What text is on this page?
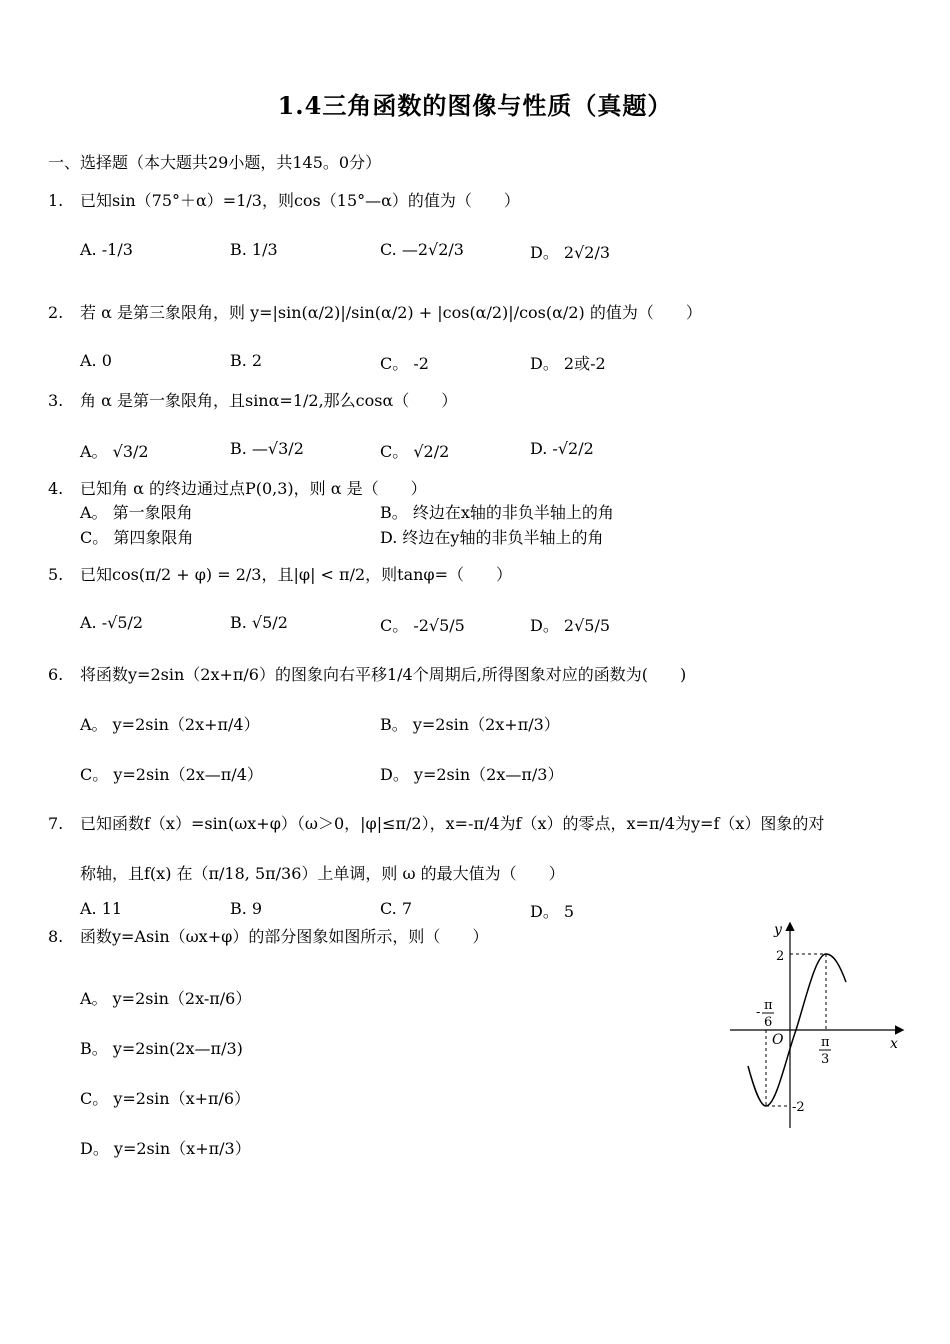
1.4三角函数的图像与性质（真题）
一、选择题（本大题共29小题，共145。0分）
1. 已知sin（75°＋α）=1/3，则cos（15°—α）的值为（　　）
A. -1/3	B. 1/3	C. —2√2/3	D。 2√2/3
2. 若 α 是第三象限角，则 y=|sin(α/2)|/sin(α/2) + |cos(α/2)|/cos(α/2) 的值为（　　）
A. 0	B. 2	C。 -2	D。 2或-2
3. 角 α 是第一象限角，且sinα=1/2,那么cosα（　　）
A。 √3/2	B. —√3/2	C。 √2/2	D. -√2/2
4. 已知角 α 的终边通过点P(0,3)，则 α 是（　　）
A。 第一象限角	B。 终边在x轴的非负半轴上的角
C。 第四象限角	D. 终边在y轴的非负半轴上的角
5. 已知cos(π/2 + φ) = 2/3，且|φ| < π/2，则tanφ=（　　）
A. -√5/2	B. √5/2	C。 -2√5/5	D。 2√5/5
6. 将函数y=2sin（2x+π/6）的图象向右平移1/4个周期后,所得图象对应的函数为(　　)
A。 y=2sin（2x+π/4）	B。 y=2sin（2x+π/3）
C。 y=2sin（2x—π/4）	D。 y=2sin（2x—π/3）
7. 已知函数f（x）=sin(ωx+φ）（ω＞0，|φ|≤π/2），x=-π/4为f（x）的零点，x=π/4为y=f（x）图象的对
称轴，且f(x) 在（π/18, 5π/36）上单调，则 ω 的最大值为（　　）
A. 11	B. 9	C. 7	D。 5
8. 函数y=Asin（ωx+φ）的部分图象如图所示，则（　　）
A。 y=2sin（2x-π/6）
B。 y=2sin(2x—π/3)
C。 y=2sin（x+π/6）
D。 y=2sin（x+π/3）
y
x
O
2
-2
- π
6
π
3
